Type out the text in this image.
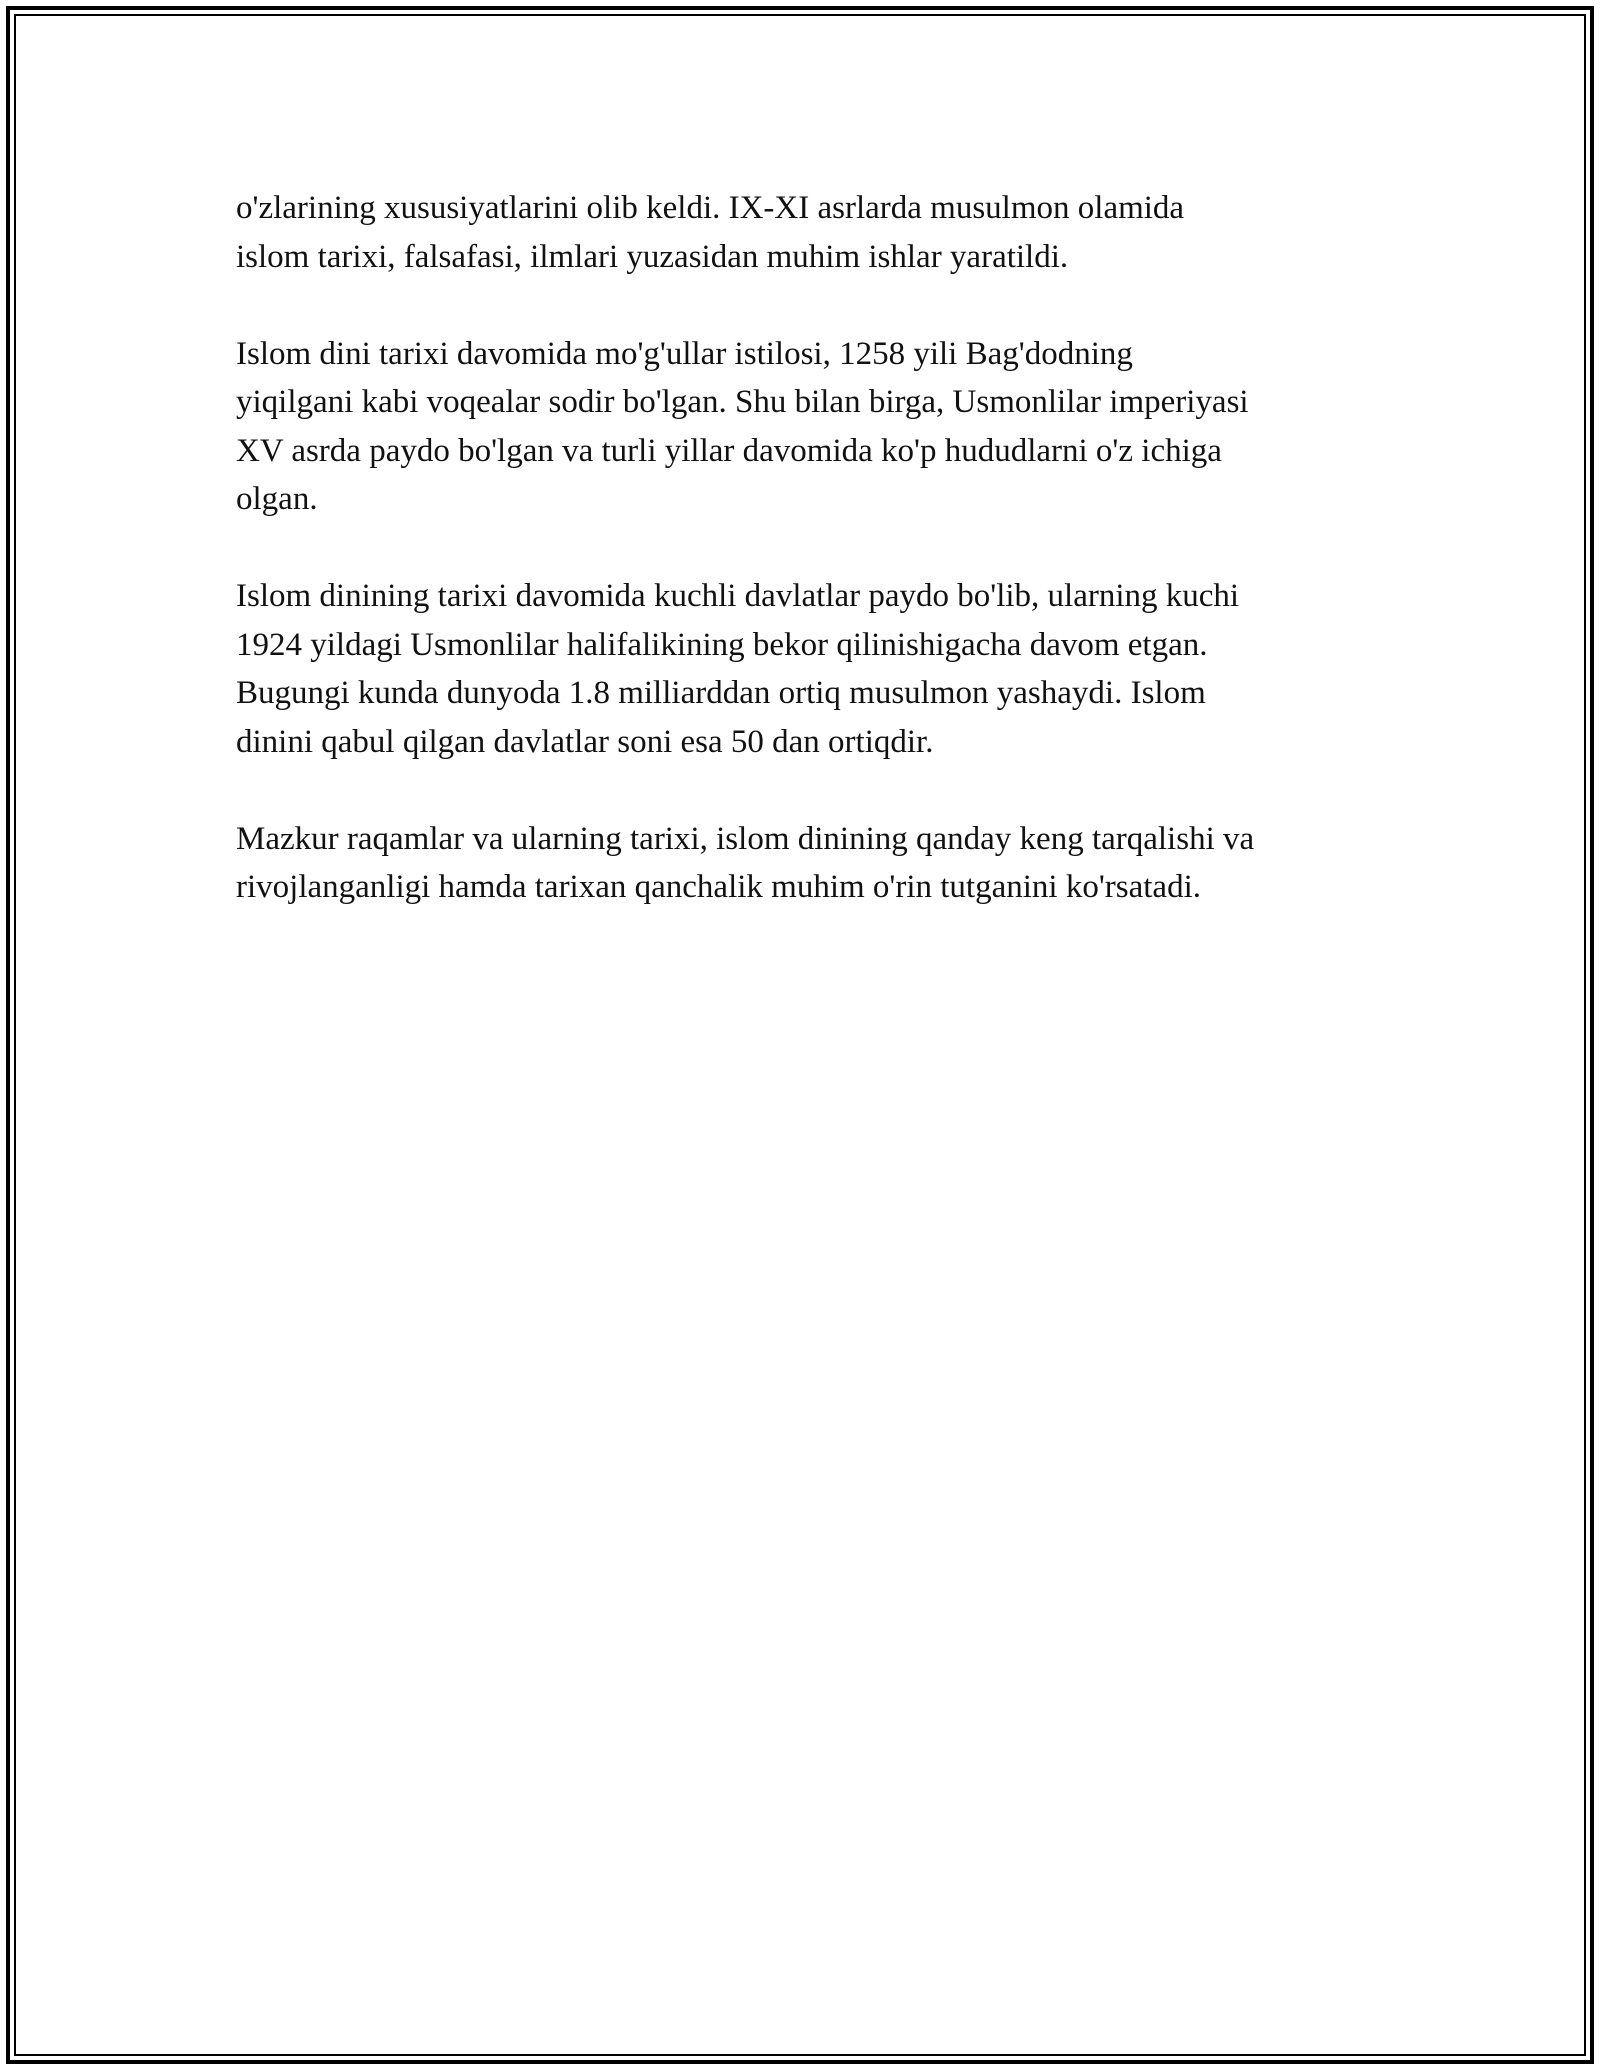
o'zlarining xususiyatlarini olib keldi. IX-XI asrlarda musulmon olamida
islom tarixi, falsafasi, ilmlari yuzasidan muhim ishlar yaratildi.

Islom dini tarixi davomida mo'g'ullar istilosi, 1258 yili Bag'dodning
yiqilgani kabi voqealar sodir bo'lgan. Shu bilan birga, Usmonlilar imperiyasi
XV asrda paydo bo'lgan va turli yillar davomida ko'p hududlarni o'z ichiga
olgan.

Islom dinining tarixi davomida kuchli davlatlar paydo bo'lib, ularning kuchi
1924 yildagi Usmonlilar halifalikining bekor qilinishigacha davom etgan.
Bugungi kunda dunyoda 1.8 milliarddan ortiq musulmon yashaydi. Islom
dinini qabul qilgan davlatlar soni esa 50 dan ortiqdir.

Mazkur raqamlar va ularning tarixi, islom dinining qanday keng tarqalishi va
rivojlanganligi hamda tarixan qanchalik muhim o'rin tutganini ko'rsatadi.
